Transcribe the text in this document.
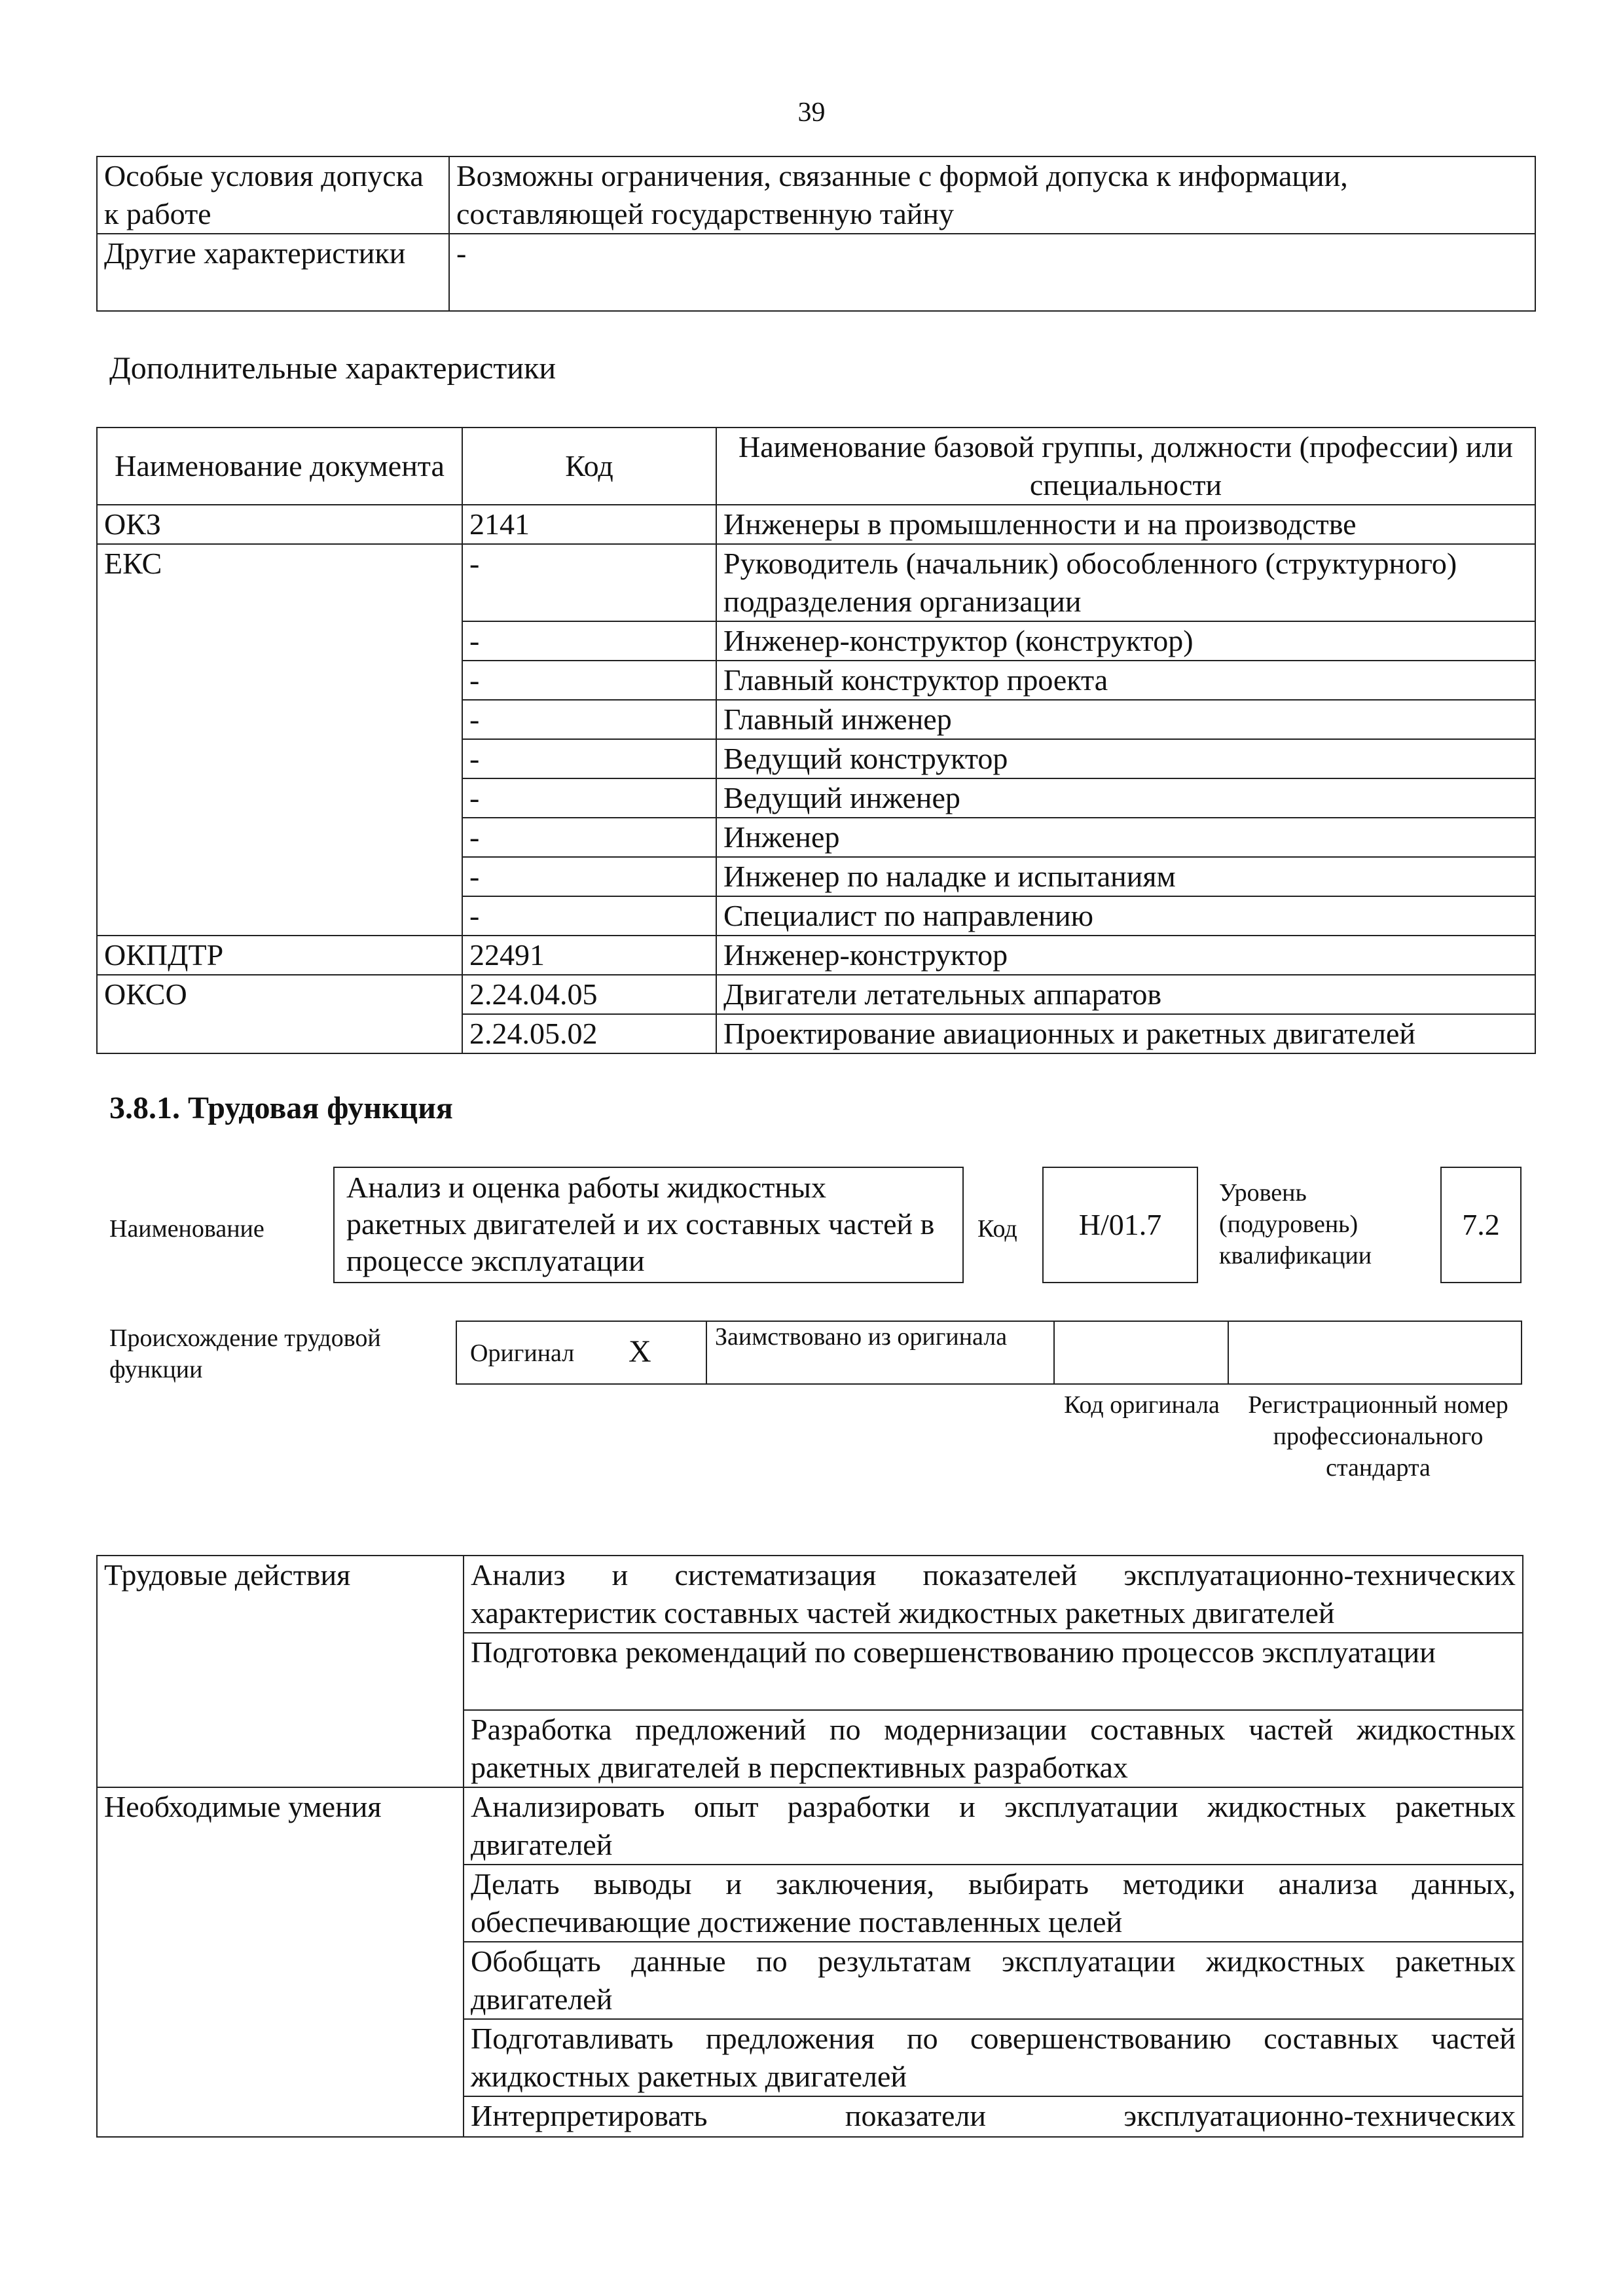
39
Особые условия допуска к работе	Возможны ограничения, связанные с формой допуска к информации, составляющей государственную тайну
Другие характеристики	-
Дополнительные характеристики
Наименование документа	Код	Наименование базовой группы, должности (профессии) или специальности
ОКЗ	2141	Инженеры в промышленности и на производстве
ЕКС	-	Руководитель (начальник) обособленного (структурного) подразделения организации
	-	Инженер-конструктор (конструктор)
	-	Главный конструктор проекта
	-	Главный инженер
	-	Ведущий конструктор
	-	Ведущий инженер
	-	Инженер
	-	Инженер по наладке и испытаниям
	-	Специалист по направлению
ОКПДТР	22491	Инженер-конструктор
ОКСО	2.24.04.05	Двигатели летательных аппаратов
	2.24.05.02	Проектирование авиационных и ракетных двигателей
3.8.1. Трудовая функция
Наименование
Анализ и оценка работы жидкостных ракетных двигателей и их составных частей в процессе эксплуатации
Код	H/01.7
Уровень (подуровень) квалификации
7.2
Происхождение трудовой функции
Оригинал X	Заимствовано из оригинала
Код оригинала Регистрационный номер профессионального стандарта
Трудовые действия	Анализ и систематизация показателей эксплуатационно-технических характеристик составных частей жидкостных ракетных двигателей
	Подготовка рекомендаций по совершенствованию процессов эксплуатации
	Разработка предложений по модернизации составных частей жидкостных ракетных двигателей в перспективных разработках
Необходимые умения	Анализировать опыт разработки и эксплуатации жидкостных ракетных двигателей
	Делать выводы и заключения, выбирать методики анализа данных, обеспечивающие достижение поставленных целей
	Обобщать данные по результатам эксплуатации жидкостных ракетных двигателей
	Подготавливать предложения по совершенствованию составных частей жидкостных ракетных двигателей
	Интерпретировать показатели эксплуатационно-технических
